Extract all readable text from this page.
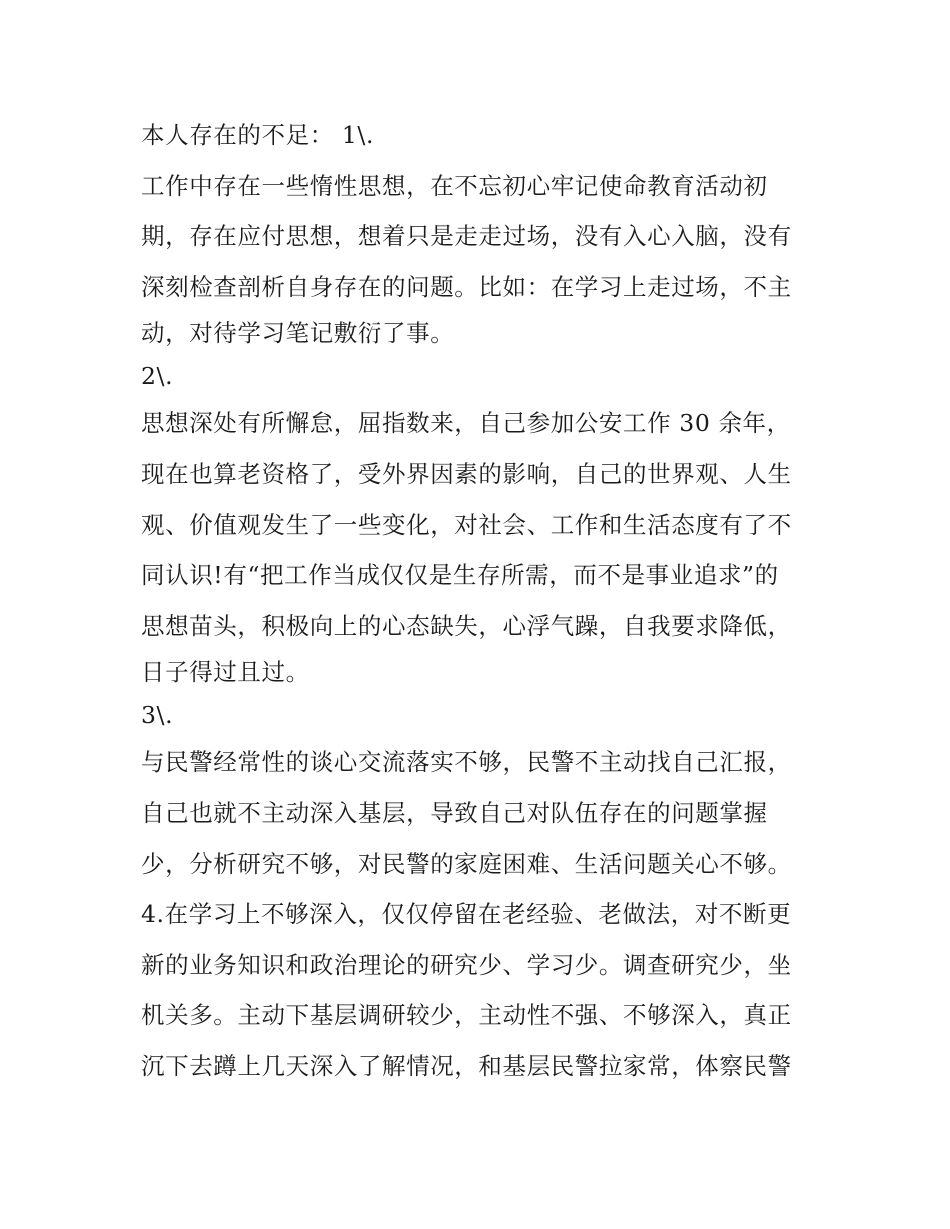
本人存在的不足： 1\.
工作中存在一些惰性思想，在不忘初心牢记使命教育活动初
期，存在应付思想，想着只是走走过场，没有入心入脑，没有
深刻检查剖析自身存在的问题。比如：在学习上走过场，不主
动，对待学习笔记敷衍了事。
2\.
思想深处有所懈怠，屈指数来，自己参加公安工作 30 余年，
现在也算老资格了，受外界因素的影响，自己的世界观、人生
观、价值观发生了一些变化，对社会、工作和生活态度有了不
同认识!有“把工作当成仅仅是生存所需，而不是事业追求”的
思想苗头，积极向上的心态缺失，心浮气躁，自我要求降低，
日子得过且过。
3\.
与民警经常性的谈心交流落实不够，民警不主动找自己汇报，
自己也就不主动深入基层，导致自己对队伍存在的问题掌握
少，分析研究不够，对民警的家庭困难、生活问题关心不够。
4.在学习上不够深入，仅仅停留在老经验、老做法，对不断更
新的业务知识和政治理论的研究少、学习少。调查研究少，坐
机关多。主动下基层调研较少，主动性不强、不够深入，真正
沉下去蹲上几天深入了解情况，和基层民警拉家常，体察民警
